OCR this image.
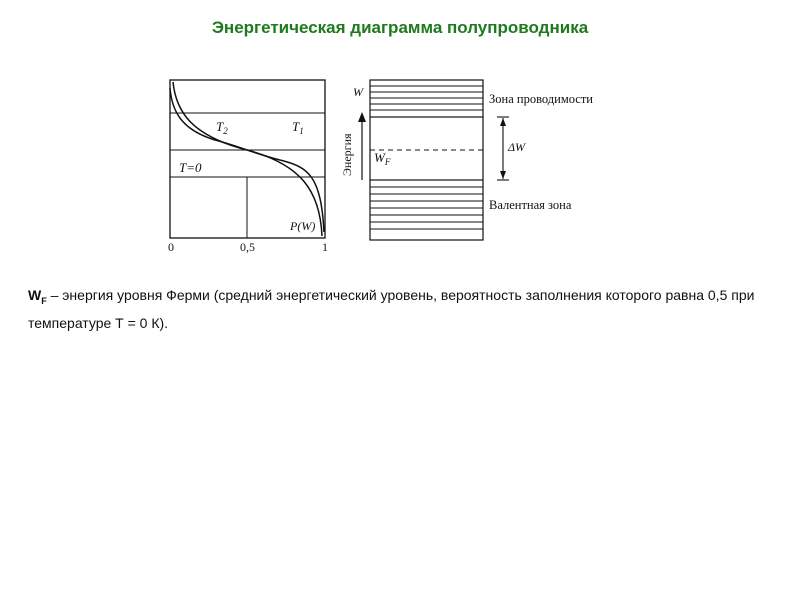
Энергетическая диаграмма полупроводника
$T_2$	$T_1$
T=0
P(W)
0	0,5	1
W
Энергия
Зона проводимости
$W_F$
ΔW
Валентная зона
$W_F$ – энергия уровня Ферми (средний энергетический уровень, вероятность заполнения которого равна 0,5 при температуре Т = 0 К).
